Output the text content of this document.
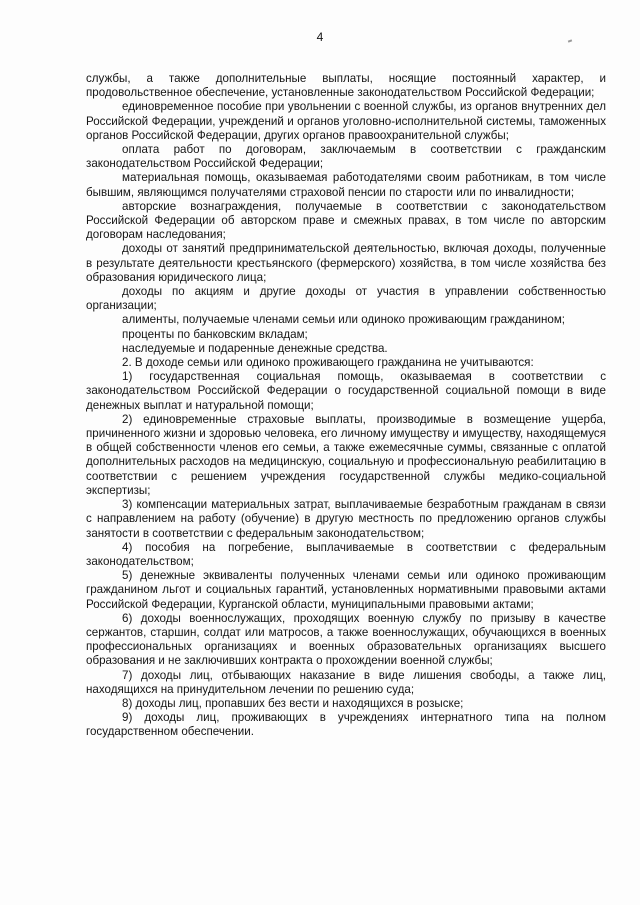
4

службы, а также дополнительные выплаты, носящие постоянный характер, и продовольственное обеспечение, установленные законодательством Российской Федерации;

единовременное пособие при увольнении с военной службы, из органов внутренних дел Российской Федерации, учреждений и органов уголовно-исполнительной системы, таможенных органов Российской Федерации, других органов правоохранительной службы;

оплата работ по договорам, заключаемым в соответствии с гражданским законодательством Российской Федерации;

материальная помощь, оказываемая работодателями своим работникам, в том числе бывшим, являющимся получателями страховой пенсии по старости или по инвалидности;

авторские вознаграждения, получаемые в соответствии с законодательством Российской Федерации об авторском праве и смежных правах, в том числе по авторским договорам наследования;

доходы от занятий предпринимательской деятельностью, включая доходы, полученные в результате деятельности крестьянского (фермерского) хозяйства, в том числе хозяйства без образования юридического лица;

доходы по акциям и другие доходы от участия в управлении собственностью организации;

алименты, получаемые членами семьи или одиноко проживающим гражданином;

проценты по банковским вкладам;

наследуемые и подаренные денежные средства.

2. В доходе семьи или одиноко проживающего гражданина не учитываются:

1) государственная социальная помощь, оказываемая в соответствии с законодательством Российской Федерации о государственной социальной помощи в виде денежных выплат и натуральной помощи;

2) единовременные страховые выплаты, производимые в возмещение ущерба, причиненного жизни и здоровью человека, его личному имуществу и имуществу, находящемуся в общей собственности членов его семьи, а также ежемесячные суммы, связанные с оплатой дополнительных расходов на медицинскую, социальную и профессиональную реабилитацию в соответствии с решением учреждения государственной службы медико-социальной экспертизы;

3) компенсации материальных затрат, выплачиваемые безработным гражданам в связи с направлением на работу (обучение) в другую местность по предложению органов службы занятости в соответствии с федеральным законодательством;

4) пособия на погребение, выплачиваемые в соответствии с федеральным законодательством;

5) денежные эквиваленты полученных членами семьи или одиноко проживающим гражданином льгот и социальных гарантий, установленных нормативными правовыми актами Российской Федерации, Курганской области, муниципальными правовыми актами;

6) доходы военнослужащих, проходящих военную службу по призыву в качестве сержантов, старшин, солдат или матросов, а также военнослужащих, обучающихся в военных профессиональных организациях и военных образовательных организациях высшего образования и не заключивших контракта о прохождении военной службы;

7) доходы лиц, отбывающих наказание в виде лишения свободы, а также лиц, находящихся на принудительном лечении по решению суда;

8) доходы лиц, пропавших без вести и находящихся в розыске;

9) доходы лиц, проживающих в учреждениях интернатного типа на полном государственном обеспечении.
